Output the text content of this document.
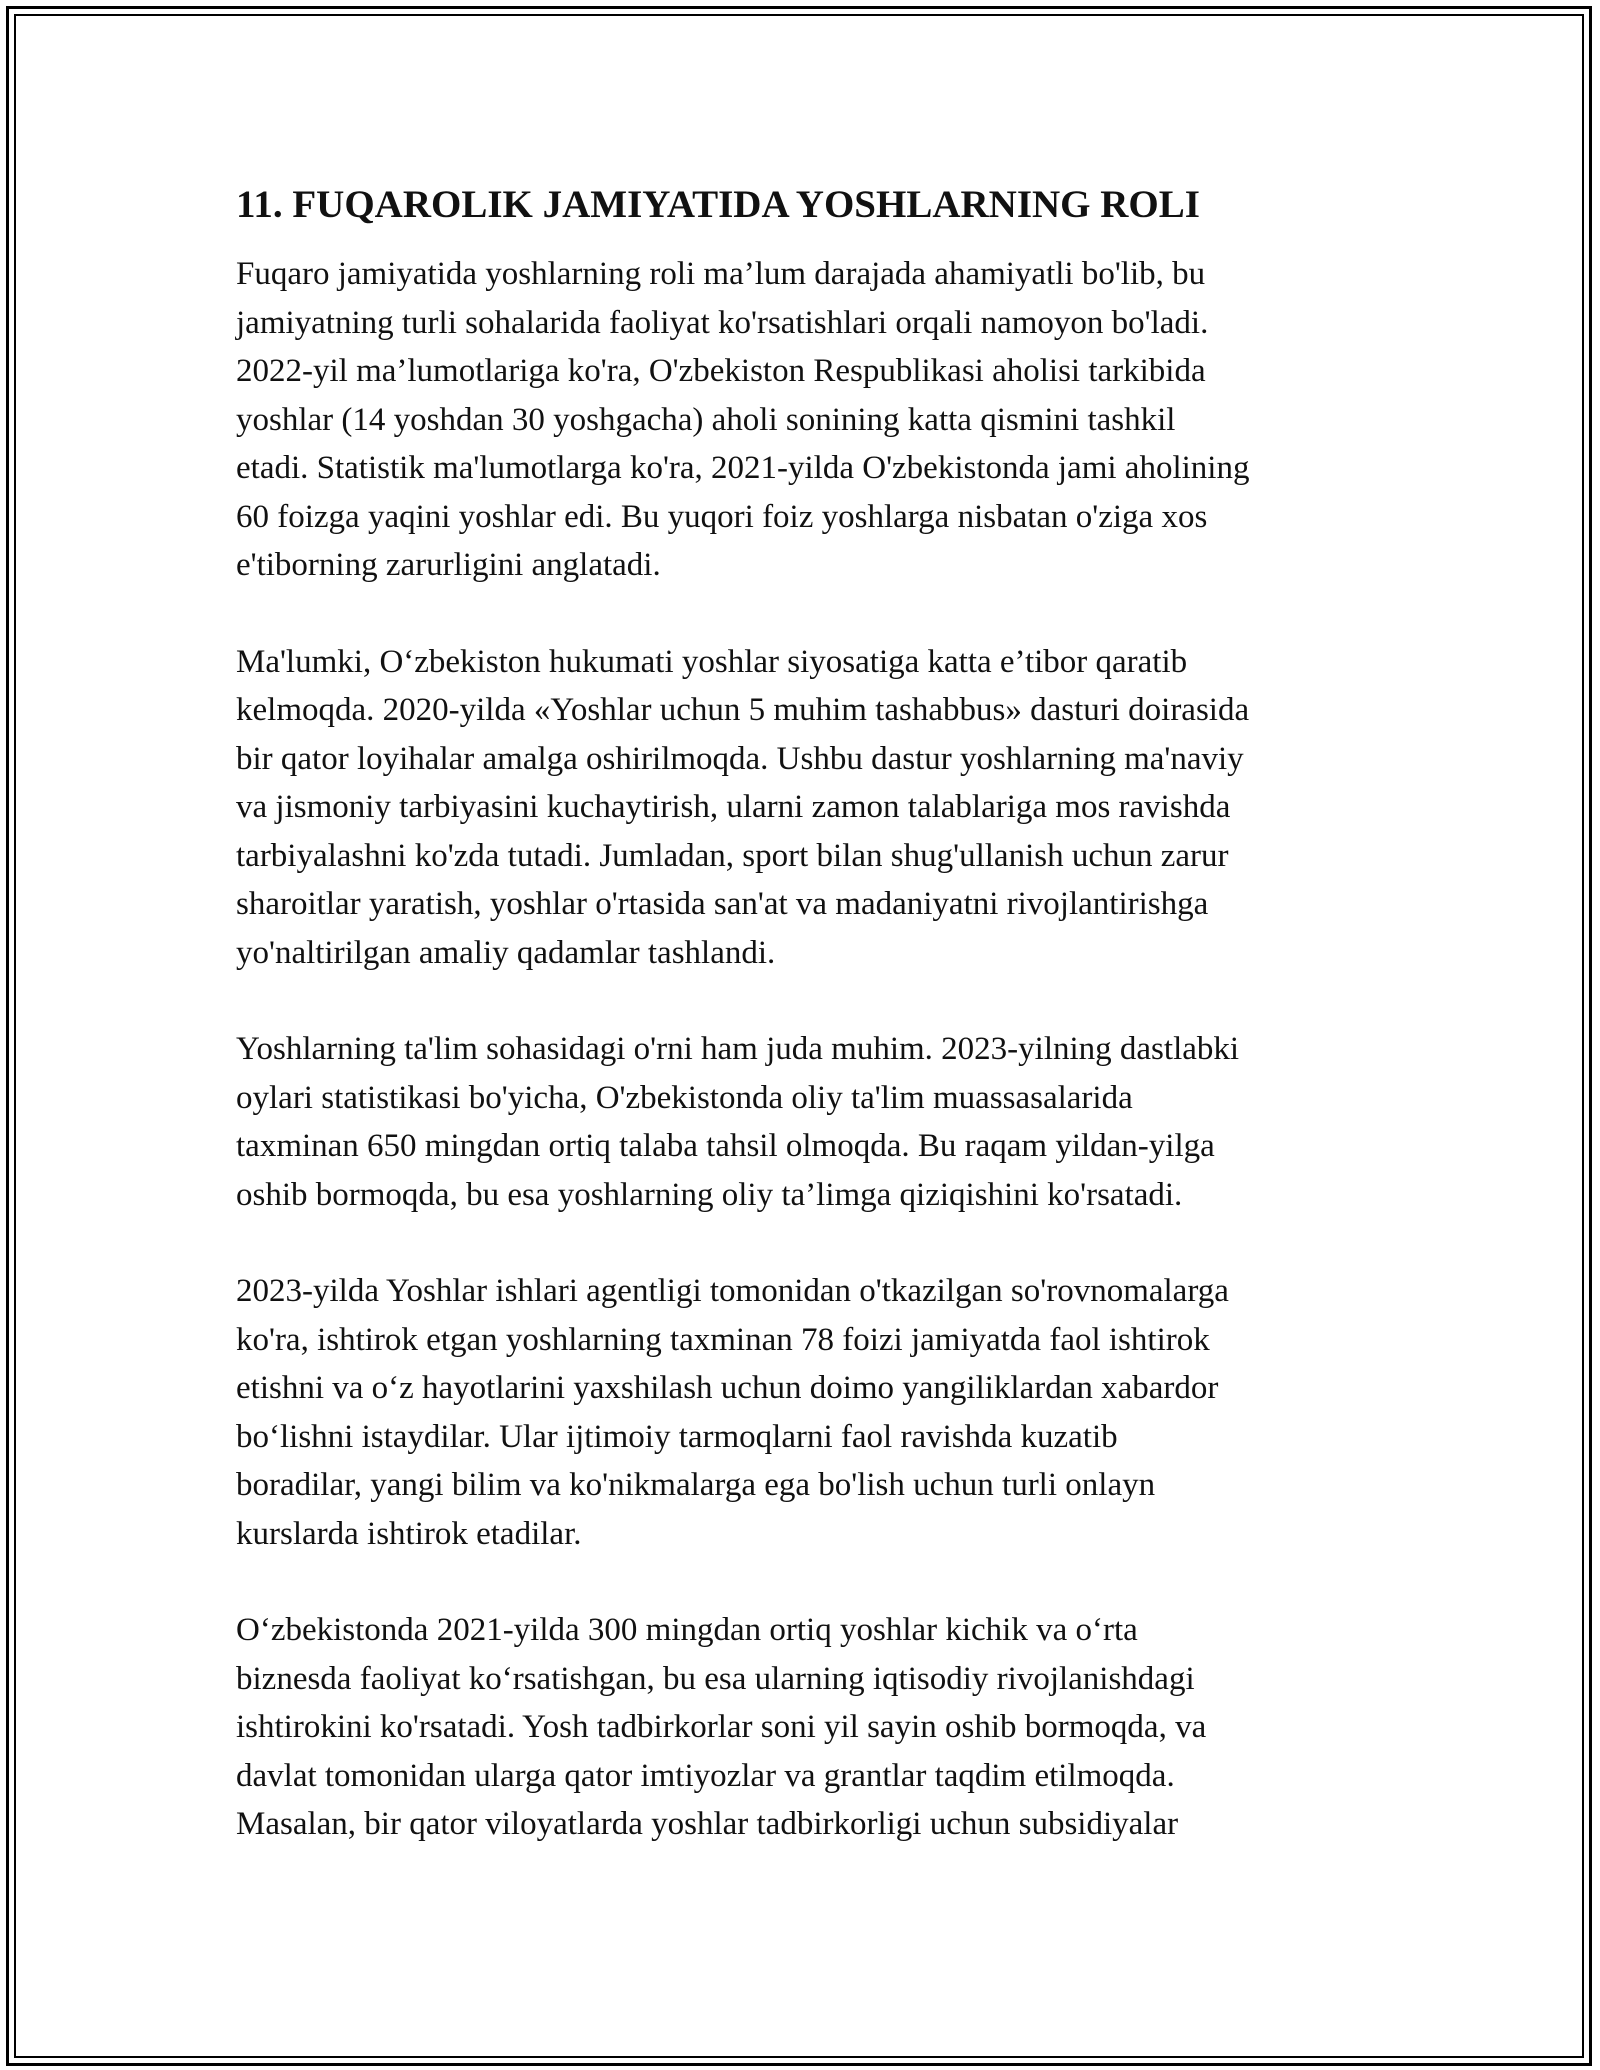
11. FUQAROLIK JAMIYATIDA YOSHLARNING ROLI
Fuqaro jamiyatida yoshlarning roli ma’lum darajada ahamiyatli bo'lib, bu
jamiyatning turli sohalarida faoliyat ko'rsatishlari orqali namoyon bo'ladi.
2022-yil ma’lumotlariga ko'ra, O'zbekiston Respublikasi aholisi tarkibida
yoshlar (14 yoshdan 30 yoshgacha) aholi sonining katta qismini tashkil
etadi. Statistik ma'lumotlarga ko'ra, 2021-yilda O'zbekistonda jami aholining
60 foizga yaqini yoshlar edi. Bu yuqori foiz yoshlarga nisbatan o'ziga xos
e'tiborning zarurligini anglatadi.
Ma'lumki, O‘zbekiston hukumati yoshlar siyosatiga katta e’tibor qaratib
kelmoqda. 2020-yilda «Yoshlar uchun 5 muhim tashabbus» dasturi doirasida
bir qator loyihalar amalga oshirilmoqda. Ushbu dastur yoshlarning ma'naviy
va jismoniy tarbiyasini kuchaytirish, ularni zamon talablariga mos ravishda
tarbiyalashni ko'zda tutadi. Jumladan, sport bilan shug'ullanish uchun zarur
sharoitlar yaratish, yoshlar o'rtasida san'at va madaniyatni rivojlantirishga
yo'naltirilgan amaliy qadamlar tashlandi.
Yoshlarning ta'lim sohasidagi o'rni ham juda muhim. 2023-yilning dastlabki
oylari statistikasi bo'yicha, O'zbekistonda oliy ta'lim muassasalarida
taxminan 650 mingdan ortiq talaba tahsil olmoqda. Bu raqam yildan-yilga
oshib bormoqda, bu esa yoshlarning oliy ta’limga qiziqishini ko'rsatadi.
2023-yilda Yoshlar ishlari agentligi tomonidan o'tkazilgan so'rovnomalarga
ko'ra, ishtirok etgan yoshlarning taxminan 78 foizi jamiyatda faol ishtirok
etishni va o‘z hayotlarini yaxshilash uchun doimo yangiliklardan xabardor
bo‘lishni istaydilar. Ular ijtimoiy tarmoqlarni faol ravishda kuzatib
boradilar, yangi bilim va ko'nikmalarga ega bo'lish uchun turli onlayn
kurslarda ishtirok etadilar.
O‘zbekistonda 2021-yilda 300 mingdan ortiq yoshlar kichik va o‘rta
biznesda faoliyat ko‘rsatishgan, bu esa ularning iqtisodiy rivojlanishdagi
ishtirokini ko'rsatadi. Yosh tadbirkorlar soni yil sayin oshib bormoqda, va
davlat tomonidan ularga qator imtiyozlar va grantlar taqdim etilmoqda.
Masalan, bir qator viloyatlarda yoshlar tadbirkorligi uchun subsidiyalar
